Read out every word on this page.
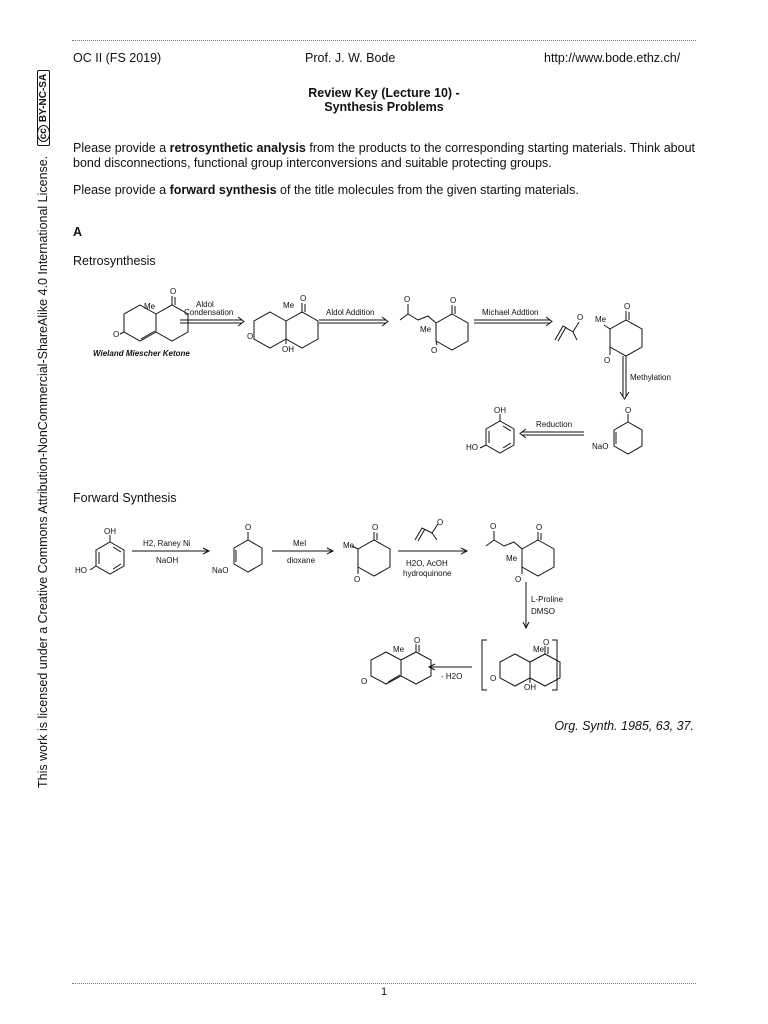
OC II (FS 2019)	Prof. J. W. Bode	http://www.bode.ethz.ch/
Review Key (Lecture 10) -
Synthesis Problems
Please provide a retrosynthetic analysis from the products to the corresponding starting materials. Think about bond disconnections, functional group interconversions and suitable protecting groups.
Please provide a forward synthesis of the title molecules from the given starting materials.
A
Retrosynthesis
Forward Synthesis
Aldol
Condensation	Aldol Addition	Michael Addtion
Methylation
Reduction
Wieland Miescher Ketone
H2, Raney Ni
NaOH
MeI
dioxane	H2O, AcOH
hydroquinone
L-Proline
DMSO
- H2O
Me
O
O
Me
O
O
OH
O
Me
O
O
O
O
Me
O
O
NaO
OH
HO
OH
HO
O
NaO
O
Me
O
O
O
O
Me
O
Me
O
O
OH
Me
O
O
Org. Synth. 1985, 63, 37.
1
This work is licensed under a Creative Commons Attribution-NonCommercial-ShareAlike 4.0 International License. ccBY-NC-SA
